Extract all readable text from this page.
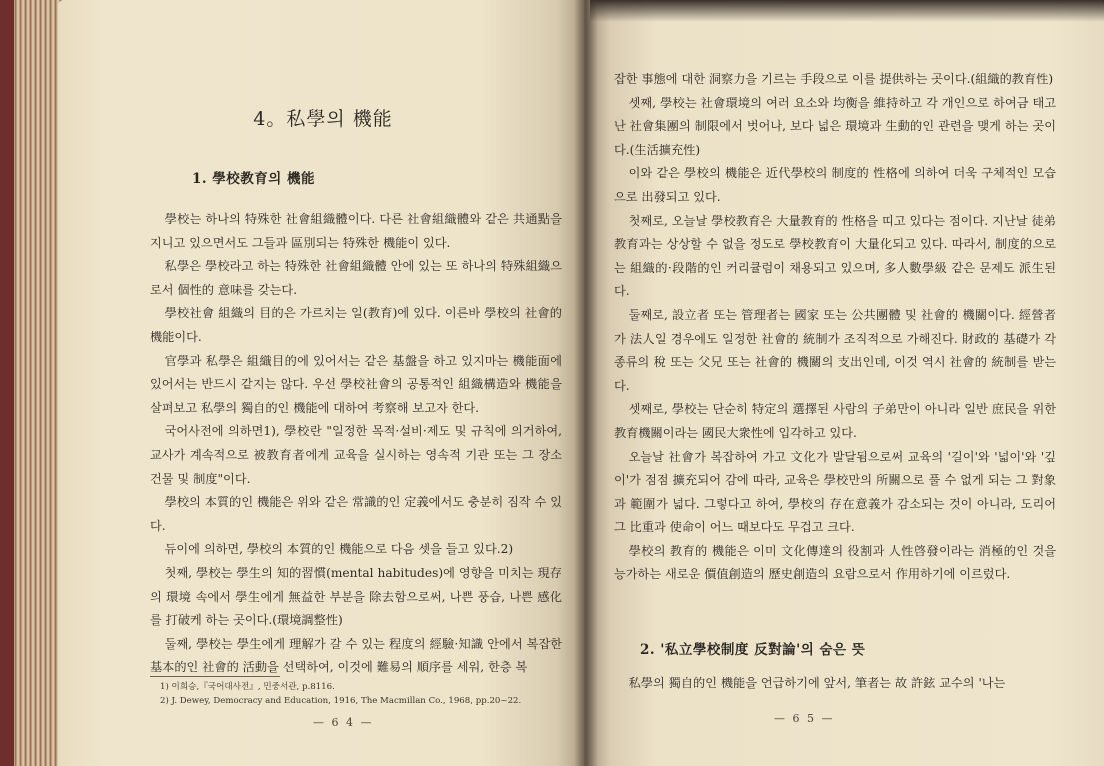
4。私學의 機能
1. 學校教育의 機能

學校는 하나의 特殊한 社會組織體이다. 다른 社會組織體와 같은 共通點을 지니고 있으면서도 그들과 區別되는 特殊한 機能이 있다.

私學은 學校라고 하는 特殊한 社會組織體 안에 있는 또 하나의 特殊組織으로서 個性的 意味를 갖는다.

學校社會 組織의 目的은 가르치는 일(教育)에 있다. 이른바 學校의 社會的 機能이다.

官學과 私學은 組織目的에 있어서는 같은 基盤을 하고 있지마는 機能面에 있어서는 반드시 같지는 않다. 우선 學校社會의 공통적인 組織構造와 機能을 살펴보고 私學의 獨自的인 機能에 대하여 考察해 보고자 한다.

국어사전에 의하면1), 學校란 "일정한 목적·설비·제도 및 규칙에 의거하여, 교사가 계속적으로 被教育者에게 교육을 실시하는 영속적 기관 또는 그 장소 건물 및 制度"이다.

學校의 本質的인 機能은 위와 같은 常識的인 定義에서도 충분히 짐작 수 있다.

듀이에 의하면, 學校의 本質的인 機能으로 다음 셋을 들고 있다.2)

첫째, 學校는 學生의 知的習慣(mental habitudes)에 영향을 미치는 現存의 環境 속에서 學生에게 無益한 부분을 除去함으로써, 나쁜 풍습, 나쁜 感化를 打破케 하는 곳이다.(環境調整性)

둘째, 學校는 學生에게 理解가 갈 수 있는 程度의 經驗·知識 안에서 복잡한 基本的인 社會的 活動을 선택하여, 이것에 難易의 順序를 세워, 한층 복

1) 이희승,『국어대사전』, 민중서관, p.8116.
2) J. Dewey, Democracy and Education, 1916, The Macmillan Co., 1968, pp.20~22.
— 6 4 —

잡한 事態에 대한 洞察力을 기르는 手段으로 이를 提供하는 곳이다.(組織的教育性)

셋째, 學校는 社會環境의 여러 요소와 均衡을 維持하고 각 개인으로 하여금 태고난 社會集團의 制限에서 벗어나, 보다 넓은 環境과 生動的인 관련을 맺게 하는 곳이다.(生活擴充性)

이와 같은 學校의 機能은 近代學校의 制度的 性格에 의하여 더욱 구체적인 모습으로 出發되고 있다.

첫째로, 오늘날 學校教育은 大量教育的 性格을 띠고 있다는 점이다. 지난날 徒弟教育과는 상상할 수 없을 정도로 學校教育이 大量化되고 있다. 따라서, 制度的으로는 組織的·段階的인 커리큘럼이 채용되고 있으며, 多人數學級 같은 문제도 派生된다.

둘째로, 設立者 또는 管理者는 國家 또는 公共團體 및 社會的 機關이다. 經營者가 法人일 경우에도 일정한 社會的 統制가 조직적으로 가해진다. 財政的 基礎가 각종류의 稅 또는 父兄 또는 社會的 機關의 支出인데, 이것 역시 社會的 統制를 받는다.

셋째로, 學校는 단순히 特定의 選擇된 사람의 子弟만이 아니라 일반 庶民을 위한 教育機關이라는 國民大衆性에 입각하고 있다.

오늘날 社會가 복잡하여 가고 文化가 발달됨으로써 교육의 '길이'와 '넓이'와 '깊이'가 점점 擴充되어 감에 따라, 교육은 學校만의 所關으로 풀 수 없게 되는 그 對象과 範圍가 넓다. 그렇다고 하여, 學校의 存在意義가 감소되는 것이 아니라, 도리어 그 比重과 使命이 어느 때보다도 무겁고 크다.

學校의 教育的 機能은 이미 文化傳達의 役割과 人性啓發이라는 消極的인 것을 능가하는 새로운 價值創造의 歷史創造의 요람으로서 作用하기에 이르렀다.

2. '私立學校制度 反對論'의 숨은 뜻

私學의 獨自的인 機能을 언급하기에 앞서, 筆者는 故 許鉉 교수의 '나는

— 6 5 —
